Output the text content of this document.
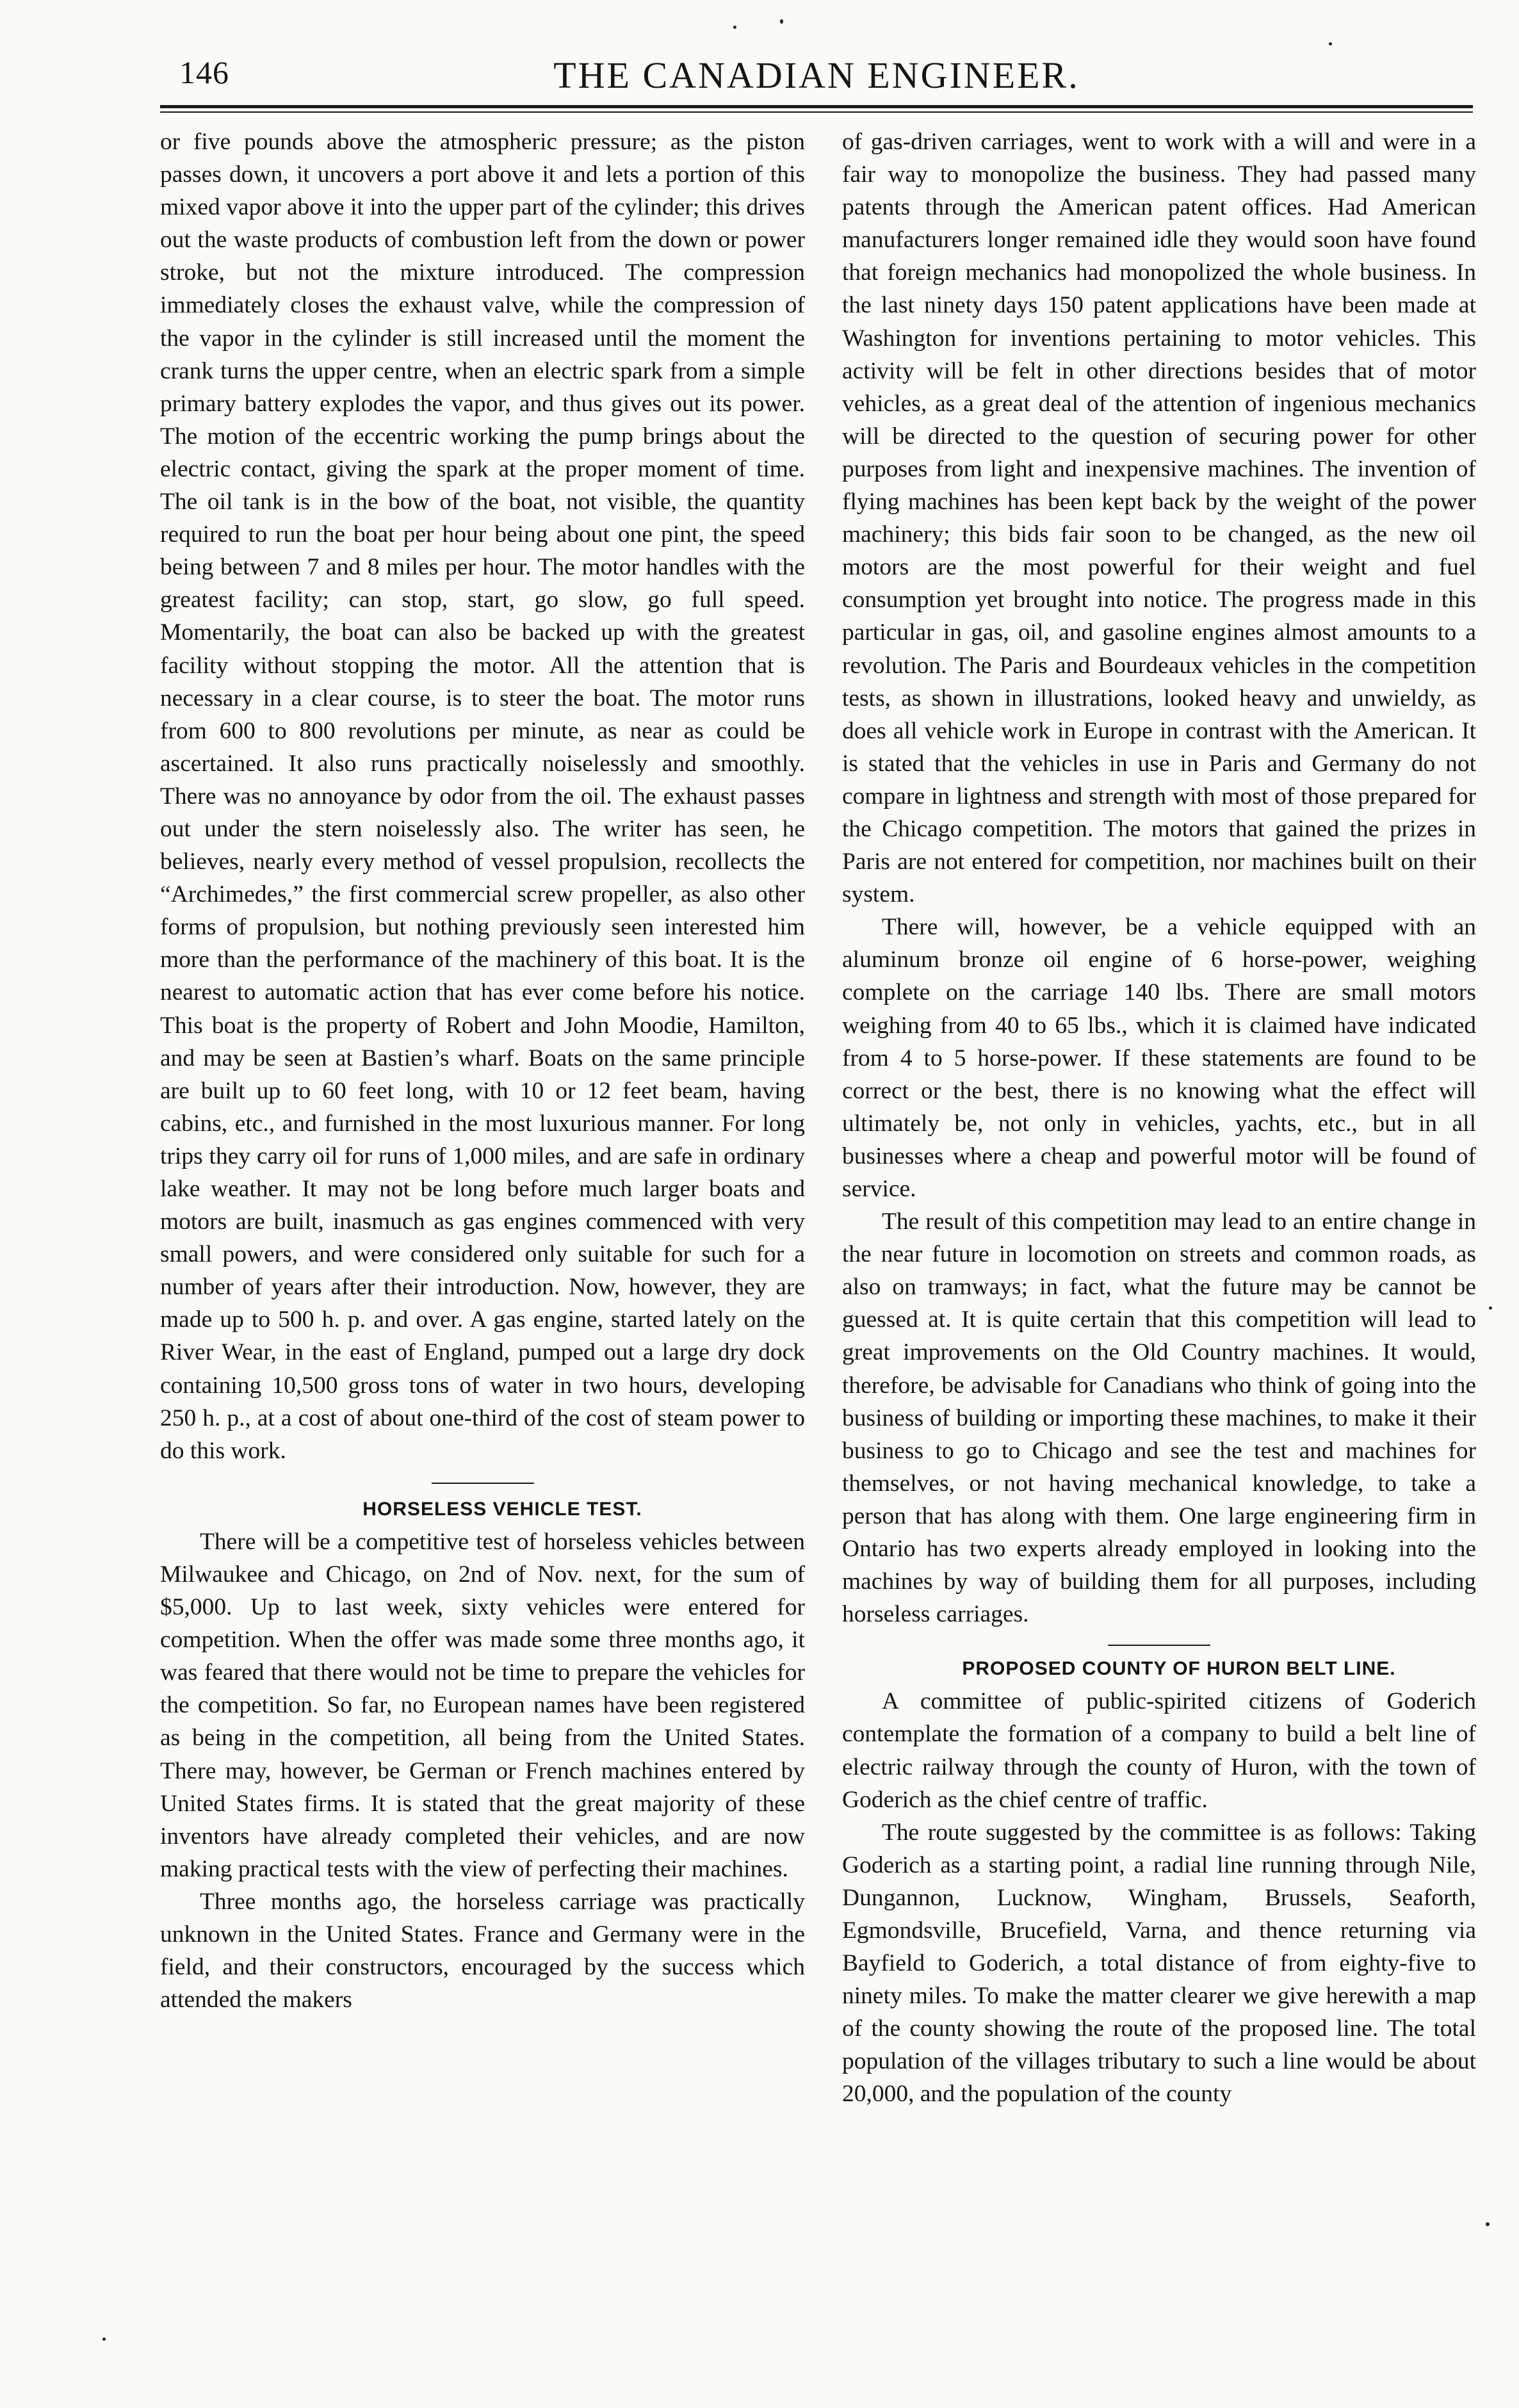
146	THE CANADIAN ENGINEER.

or five pounds above the atmospheric pressure; as the piston passes down, it uncovers a port above it and lets a portion of this mixed vapor above it into the upper part of the cylinder; this drives out the waste products of combustion left from the down or power stroke, but not the mixture introduced. The compression immediately closes the exhaust valve, while the compression of the vapor in the cylinder is still increased until the moment the crank turns the upper centre, when an electric spark from a simple primary battery explodes the vapor, and thus gives out its power. The motion of the eccentric working the pump brings about the electric contact, giving the spark at the proper moment of time. The oil tank is in the bow of the boat, not visible, the quantity required to run the boat per hour being about one pint, the speed being between 7 and 8 miles per hour. The motor handles with the greatest facility; can stop, start, go slow, go full speed. Momentarily, the boat can also be backed up with the greatest facility without stopping the motor. All the attention that is necessary in a clear course, is to steer the boat. The motor runs from 600 to 800 revolutions per minute, as near as could be ascertained. It also runs practically noiselessly and smoothly. There was no annoyance by odor from the oil. The exhaust passes out under the stern noiselessly also. The writer has seen, he believes, nearly every method of vessel propulsion, recollects the “Archimedes,” the first commercial screw propeller, as also other forms of propulsion, but nothing previously seen interested him more than the performance of the machinery of this boat. It is the nearest to automatic action that has ever come before his notice. This boat is the property of Robert and John Moodie, Hamilton, and may be seen at Bastien’s wharf. Boats on the same principle are built up to 60 feet long, with 10 or 12 feet beam, having cabins, etc., and furnished in the most luxurious manner. For long trips they carry oil for runs of 1,000 miles, and are safe in ordinary lake weather. It may not be long before much larger boats and motors are built, inasmuch as gas engines commenced with very small powers, and were considered only suitable for such for a number of years after their introduction. Now, however, they are made up to 500 h. p. and over. A gas engine, started lately on the River Wear, in the east of England, pumped out a large dry dock containing 10,500 gross tons of water in two hours, developing 250 h. p., at a cost of about one-third of the cost of steam power to do this work.

HORSELESS VEHICLE TEST.

There will be a competitive test of horseless vehicles between Milwaukee and Chicago, on 2nd of Nov. next, for the sum of $5,000. Up to last week, sixty vehicles were entered for competition. When the offer was made some three months ago, it was feared that there would not be time to prepare the vehicles for the competition. So far, no European names have been registered as being in the competition, all being from the United States. There may, however, be German or French machines entered by United States firms. It is stated that the great majority of these inventors have already completed their vehicles, and are now making practical tests with the view of perfecting their machines.

Three months ago, the horseless carriage was practically unknown in the United States. France and Germany were in the field, and their constructors, encouraged by the success which attended the makers

of gas-driven carriages, went to work with a will and were in a fair way to monopolize the business. They had passed many patents through the American patent offices. Had American manufacturers longer remained idle they would soon have found that foreign mechanics had monopolized the whole business. In the last ninety days 150 patent applications have been made at Washington for inventions pertaining to motor vehicles. This activity will be felt in other directions besides that of motor vehicles, as a great deal of the attention of ingenious mechanics will be directed to the question of securing power for other purposes from light and inexpensive machines. The invention of flying machines has been kept back by the weight of the power machinery; this bids fair soon to be changed, as the new oil motors are the most powerful for their weight and fuel consumption yet brought into notice. The progress made in this particular in gas, oil, and gasoline engines almost amounts to a revolution. The Paris and Bourdeaux vehicles in the competition tests, as shown in illustrations, looked heavy and unwieldy, as does all vehicle work in Europe in contrast with the American. It is stated that the vehicles in use in Paris and Germany do not compare in lightness and strength with most of those prepared for the Chicago competition. The motors that gained the prizes in Paris are not entered for competition, nor machines built on their system.

There will, however, be a vehicle equipped with an aluminum bronze oil engine of 6 horse-power, weighing complete on the carriage 140 lbs. There are small motors weighing from 40 to 65 lbs., which it is claimed have indicated from 4 to 5 horse-power. If these statements are found to be correct or the best, there is no knowing what the effect will ultimately be, not only in vehicles, yachts, etc., but in all businesses where a cheap and powerful motor will be found of service.

The result of this competition may lead to an entire change in the near future in locomotion on streets and common roads, as also on tramways; in fact, what the future may be cannot be guessed at. It is quite certain that this competition will lead to great improvements on the Old Country machines. It would, therefore, be advisable for Canadians who think of going into the business of building or importing these machines, to make it their business to go to Chicago and see the test and machines for themselves, or not having mechanical knowledge, to take a person that has along with them. One large engineering firm in Ontario has two experts already employed in looking into the machines by way of building them for all purposes, including horseless carriages.

PROPOSED COUNTY OF HURON BELT LINE.

A committee of public-spirited citizens of Goderich contemplate the formation of a company to build a belt line of electric railway through the county of Huron, with the town of Goderich as the chief centre of traffic.

The route suggested by the committee is as follows: Taking Goderich as a starting point, a radial line running through Nile, Dungannon, Lucknow, Wingham, Brussels, Seaforth, Egmondsville, Brucefield, Varna, and thence returning via Bayfield to Goderich, a total distance of from eighty-five to ninety miles. To make the matter clearer we give herewith a map of the county showing the route of the proposed line. The total population of the villages tributary to such a line would be about 20,000, and the population of the county
